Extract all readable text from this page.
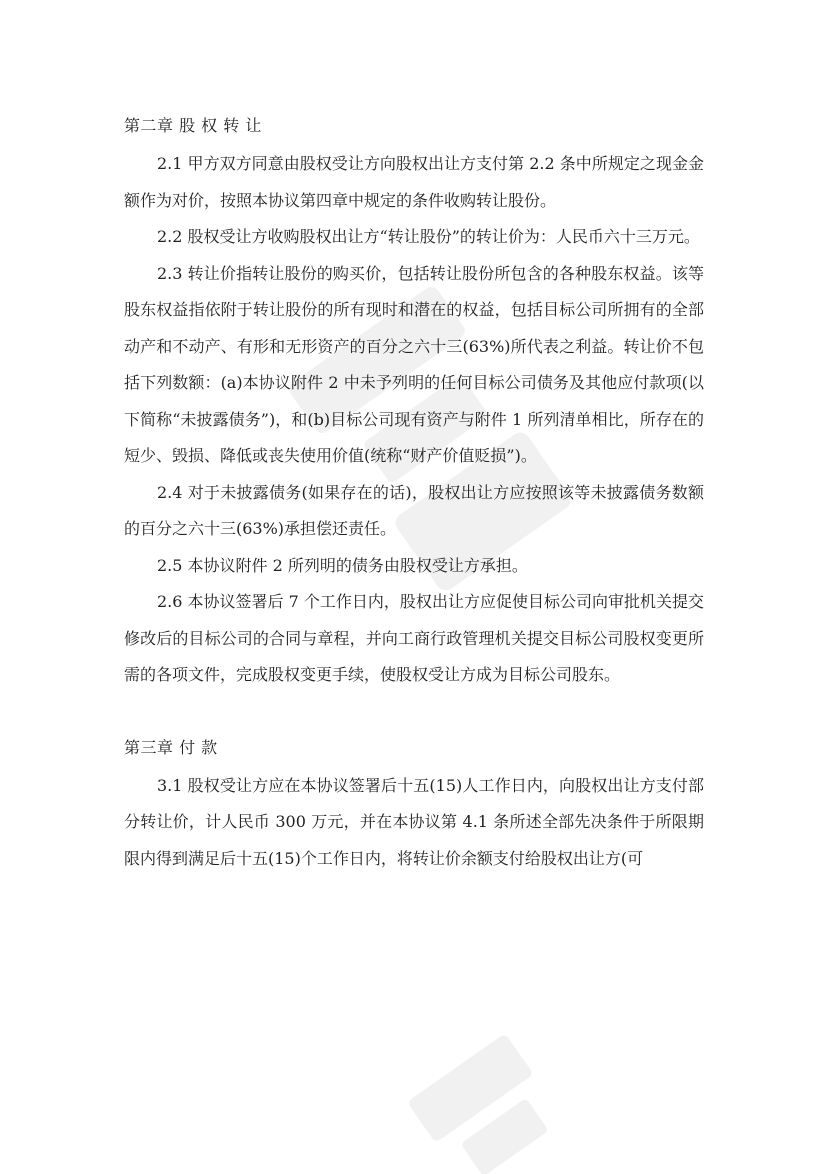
第二章 股 权 转 让

2.1 甲方双方同意由股权受让方向股权出让方支付第 2.2 条中所规定之现金金额作为对价，按照本协议第四章中规定的条件收购转让股份。

2.2 股权受让方收购股权出让方“转让股份”的转让价为：人民币六十三万元。

2.3 转让价指转让股份的购买价，包括转让股份所包含的各种股东权益。该等股东权益指依附于转让股份的所有现时和潜在的权益，包括目标公司所拥有的全部动产和不动产、有形和无形资产的百分之六十三(63%)所代表之利益。转让价不包括下列数额：(a)本协议附件 2 中未予列明的任何目标公司债务及其他应付款项(以下简称“未披露债务”)，和(b)目标公司现有资产与附件 1 所列清单相比，所存在的短少、毁损、降低或丧失使用价值(统称“财产价值贬损”)。

2.4 对于未披露债务(如果存在的话)，股权出让方应按照该等未披露债务数额的百分之六十三(63%)承担偿还责任。

2.5 本协议附件 2 所列明的债务由股权受让方承担。

2.6 本协议签署后 7 个工作日内，股权出让方应促使目标公司向审批机关提交修改后的目标公司的合同与章程，并向工商行政管理机关提交目标公司股权变更所需的各项文件，完成股权变更手续，使股权受让方成为目标公司股东。

第三章 付 款

3.1 股权受让方应在本协议签署后十五(15)人工作日内，向股权出让方支付部分转让价，计人民币 300 万元，并在本协议第 4.1 条所述全部先决条件于所限期限内得到满足后十五(15)个工作日内，将转让价余额支付给股权出让方(可
